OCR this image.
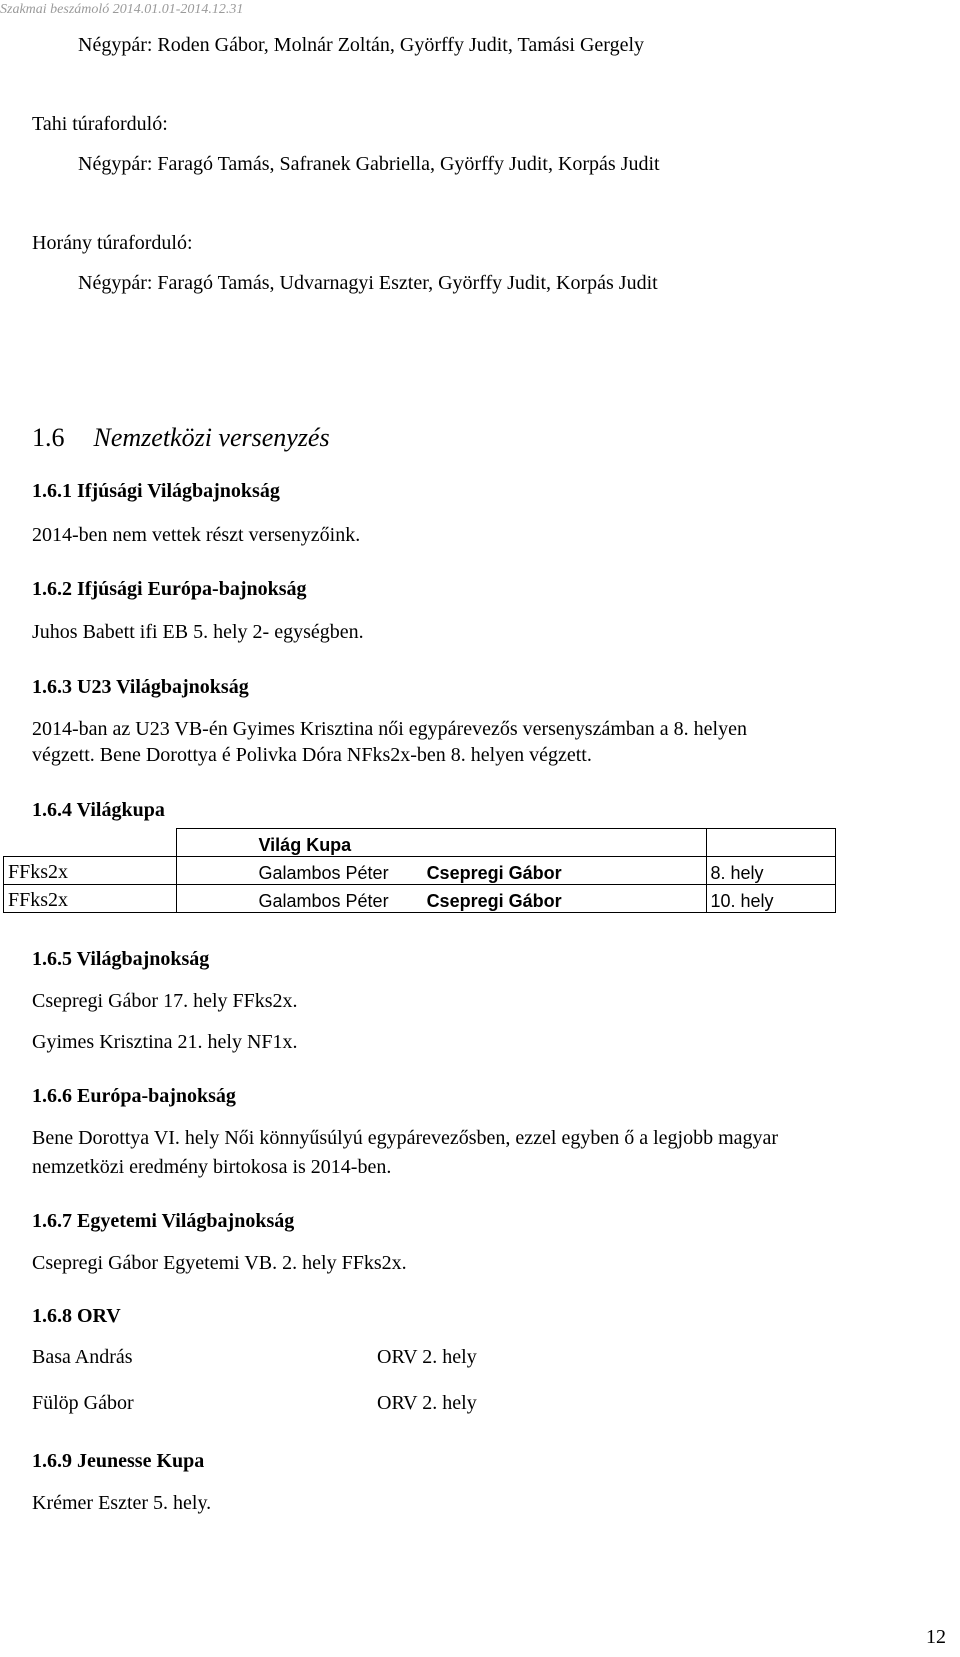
Szakmai beszámoló 2014.01.01-2014.12.31
Négypár: Roden Gábor, Molnár Zoltán, Györffy Judit, Tamási Gergely
Tahi túraforduló:
Négypár: Faragó Tamás, Safranek Gabriella, Györffy Judit, Korpás Judit
Horány túraforduló:
Négypár: Faragó Tamás, Udvarnagyi Eszter, Györffy Judit, Korpás Judit
1.6 Nemzetközi versenyzés
1.6.1 Ifjúsági Világbajnokság
2014-ben nem vettek részt versenyzőink.
1.6.2 Ifjúsági Európa-bajnokság
Juhos Babett ifi EB 5. hely 2- egységben.
1.6.3 U23 Világbajnokság
2014-ban az U23 VB-én Gyimes Krisztina női egypárevezős versenyszámban a 8. helyen
végzett. Bene Dorottya é Polivka Dóra NFks2x-ben 8. helyen végzett.
1.6.4 Világkupa
	Világ Kupa	
FFks2x	Galambos Péter Csepregi Gábor	8. hely
FFks2x	Galambos Péter Csepregi Gábor	10. hely
1.6.5 Világbajnokság
Csepregi Gábor 17. hely FFks2x.
Gyimes Krisztina 21. hely NF1x.
1.6.6 Európa-bajnokság
Bene Dorottya VI. hely Női könnyűsúlyú egypárevezősben, ezzel egyben ő a legjobb magyar
nemzetközi eredmény birtokosa is 2014-ben.
1.6.7 Egyetemi Világbajnokság
Csepregi Gábor Egyetemi VB. 2. hely FFks2x.
1.6.8 ORV
Basa András	ORV 2. hely
Fülöp Gábor	ORV 2. hely
1.6.9 Jeunesse Kupa
Krémer Eszter 5. hely.
12
